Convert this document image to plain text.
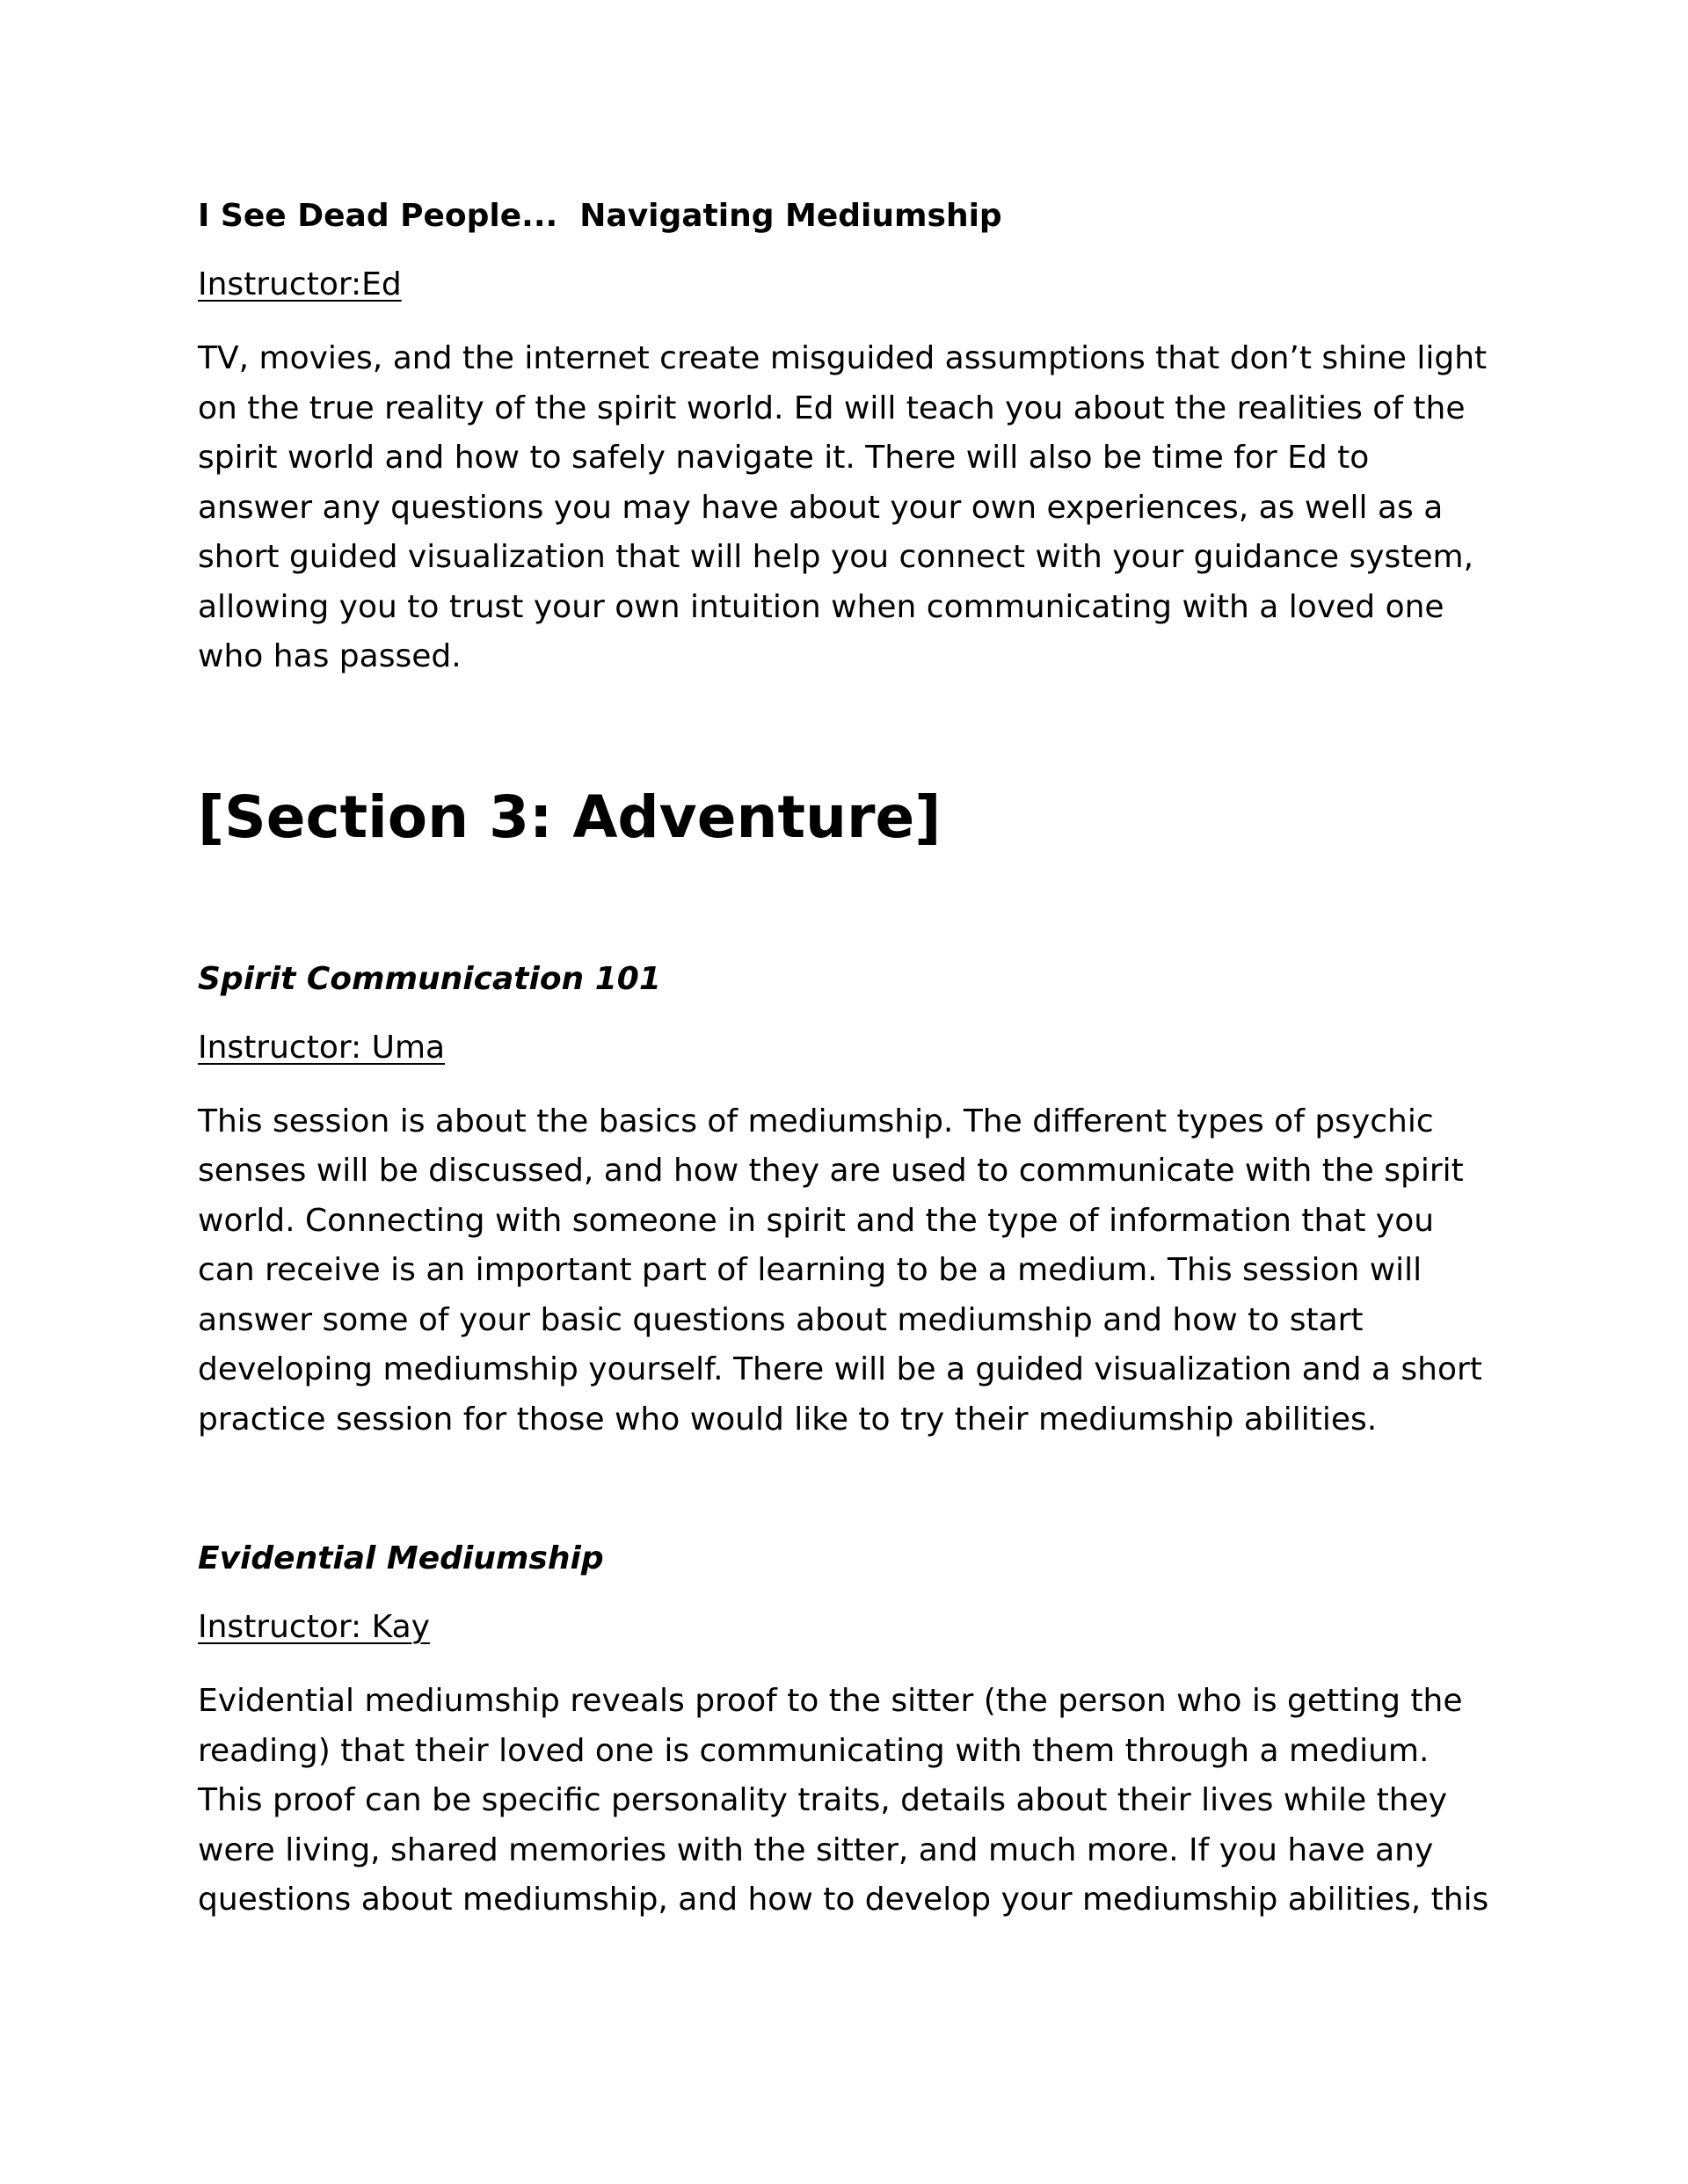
I See Dead People...  Navigating Mediumship
Instructor:Ed

TV, movies, and the internet create misguided assumptions that don’t shine light on the true reality of the spirit world. Ed will teach you about the realities of the spirit world and how to safely navigate it. There will also be time for Ed to answer any questions you may have about your own experiences, as well as a short guided visualization that will help you connect with your guidance system, allowing you to trust your own intuition when communicating with a loved one who has passed.

[Section 3: Adventure]
Spirit Communication 101
Instructor: Uma

This session is about the basics of mediumship. The different types of psychic senses will be discussed, and how they are used to communicate with the spirit world. Connecting with someone in spirit and the type of information that you can receive is an important part of learning to be a medium. This session will answer some of your basic questions about mediumship and how to start developing mediumship yourself. There will be a guided visualization and a short practice session for those who would like to try their mediumship abilities.

Evidential Mediumship
Instructor: Kay

Evidential mediumship reveals proof to the sitter (the person who is getting the reading) that their loved one is communicating with them through a medium. This proof can be specific personality traits, details about their lives while they were living, shared memories with the sitter, and much more. If you have any questions about mediumship, and how to develop your mediumship abilities, this
